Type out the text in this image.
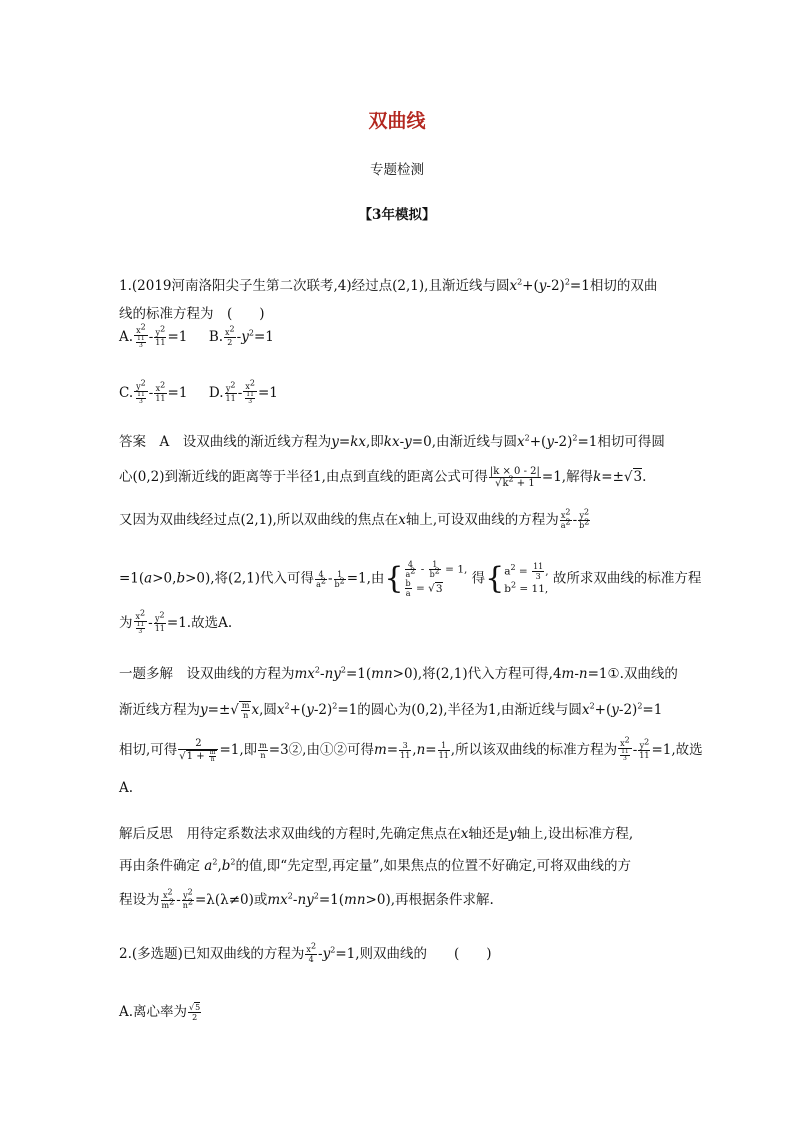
双曲线
专题检测
【3年模拟】
1.(2019河南洛阳尖子生第二次联考,4)经过点(2,1),且渐近线与圆$x^2+(y-2)^2=1$相切的双曲
线的标准方程为　(　　)
A. $\frac{x^2}{\frac{11}{3}} - \frac{y^2}{11} =1$ B. $\frac{x^2}{2} -y^2=1$
C. $\frac{y^2}{\frac{11}{3}} - \frac{x^2}{11} =1$ D. $\frac{y^2}{11} - \frac{x^2}{\frac{11}{3}} =1$
答案　A　设双曲线的渐近线方程为y=kx,即kx-y=0,由渐近线与圆$x^2+(y-2)^2=1$相切可得圆
心(0,2)到渐近线的距离等于半径1,由点到直线的距离公式可得 $\frac{|k \times 0 - 2|}{√k^2 + 1} =1$,解得k=±√3.
又因为双曲线经过点(2,1),所以双曲线的焦点在x轴上,可设双曲线的方程为 $\frac{x^2}{a^2} - \frac{y^2}{b^2}$
=1(a>0,b>0),将(2,1)代入可得 $\frac{4}{a^2} - \frac{1}{b^2} =1$,由{ $\frac{4}{a^2} - \frac{1}{b^2} = 1$,

$\frac{b}{a} = √3$ 得{$a^2 = \frac{11}{3}$ ,
$b^2 = 11$, 故所求双曲线的标准方程
为 $\frac{x^2}{\frac{11}{3}} - \frac{y^2}{11} =1$.故选A.
一题多解　设双曲线的方程为$mx^2-ny^2=1(mn>0)$,将(2,1)代入方程可得,4m-n=1①.双曲线的
渐近线方程为$y=\pm√ \frac{m}{n} x$,圆$x^2+(y-2)^2=1$的圆心为(0,2),半径为1,由渐近线与圆$x^2+(y-2)^2=1$
相切,可得 $\frac{2}{√1 + \frac{m}{n}} =1$,即 $\frac{m}{n}$ =3②,由①②可得$m= \frac{3}{11} ,n= \frac{1}{11}$ ,所以该双曲线的标准方程为 $\frac{x^2}{\frac{11}{3}} - \frac{y^2}{11} =1$,故选
A.
解后反思　用待定系数法求双曲线的方程时,先确定焦点在x轴还是y轴上,设出标准方程,
再由条件确定 $a^2,b^2$的值,即“先定型,再定量”,如果焦点的位置不好确定,可将双曲线的方
程设为 $\frac{x^2}{m^2} - \frac{y^2}{n^2} =\lambda(\lambda\ne 0)$或$mx^2-ny^2=1(mn>0)$,再根据条件求解.
2.(多选题)已知双曲线的方程为 $\frac{x^2}{4} -y^2=1$,则双曲线的　　(　　)
A.离心率为 $\frac{√5}{2}$
